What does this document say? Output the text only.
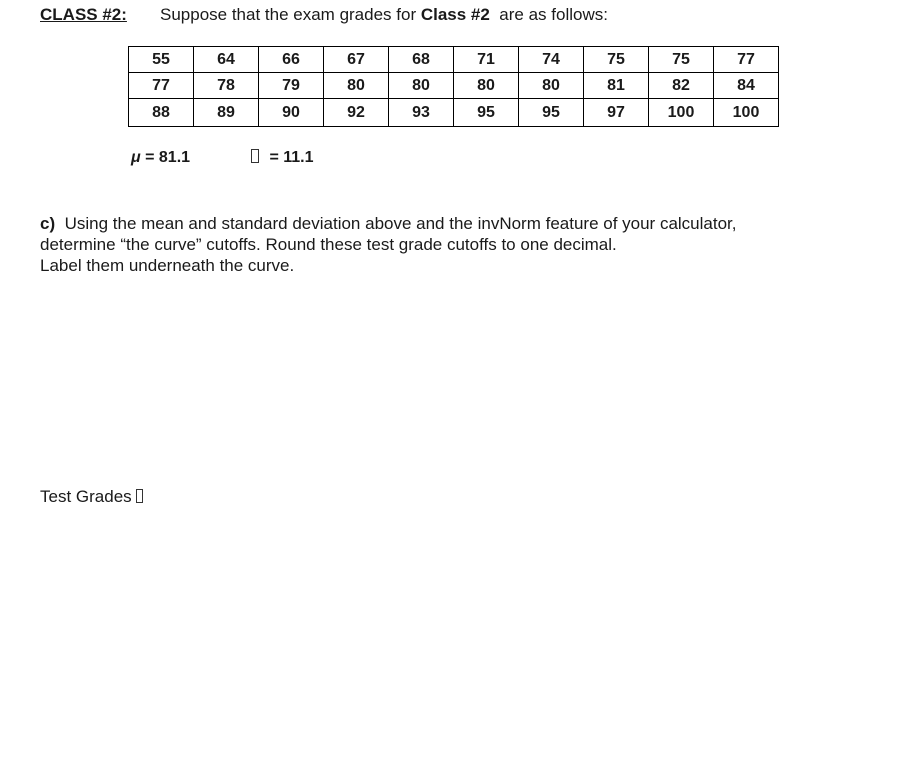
CLASS #2: Suppose that the exam grades for Class #2 are as follows:
55	64	66	67	68	71	74	75	75	77
77	78	79	80	80	80	80	81	82	84
88	89	90	92	93	95	95	97	100	100
μ = 81.1	= 11.1
c) Using the mean and standard deviation above and the invNorm feature of your calculator,
determine “the curve” cutoffs. Round these test grade cutoffs to one decimal.
Label them underneath the curve.
Test Grades
